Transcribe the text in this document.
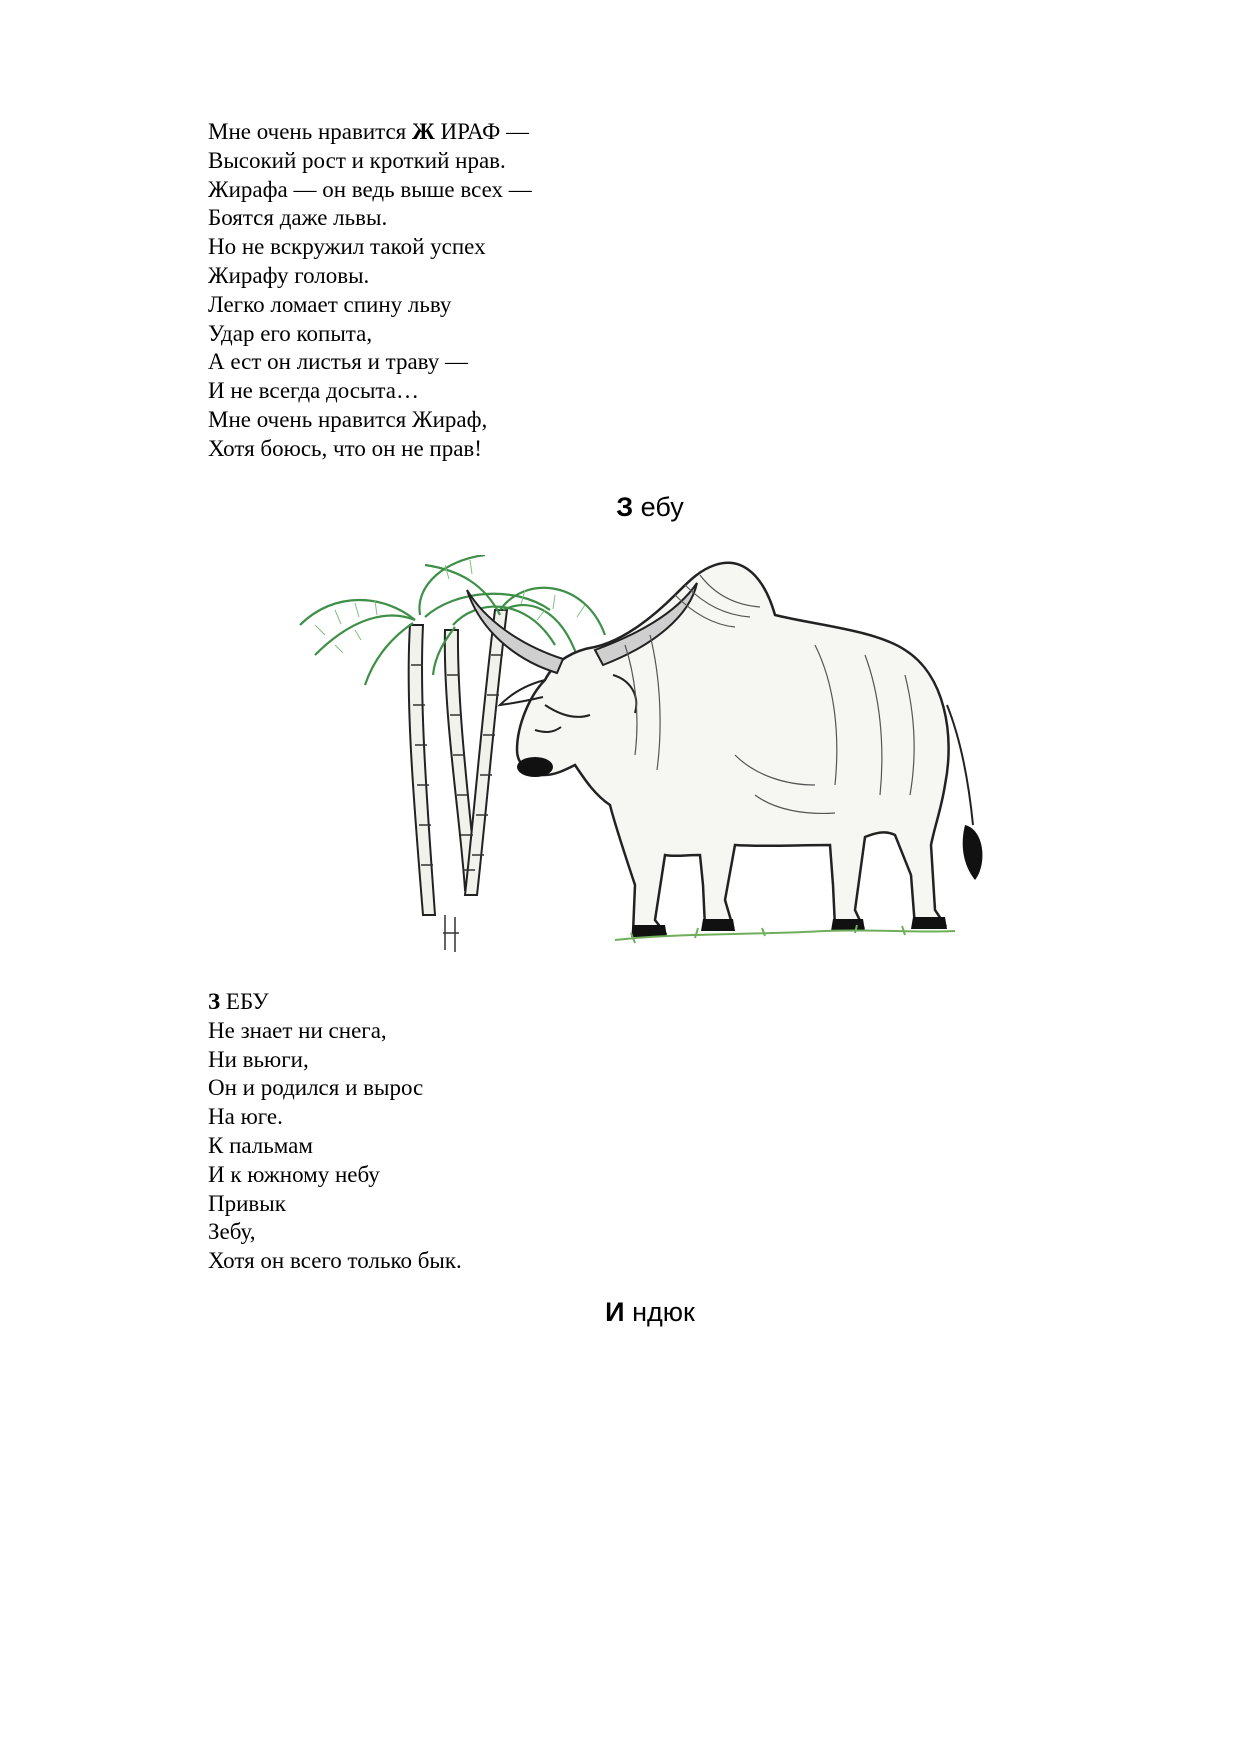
Мне очень нравится Ж ИРАФ —
Высокий рост и кроткий нрав.
Жирафа — он ведь выше всех —
Боятся даже львы.
Но не вскружил такой успех
Жирафу головы.
Легко ломает спину льву
Удар его копыта,
А ест он листья и траву —
И не всегда досыта…
Мне очень нравится Жираф,
Хотя боюсь, что он не прав!
З ебу
З ЕБУ
Не знает ни снега,
Ни вьюги,
Он и родился и вырос
На юге.
К пальмам
И к южному небу
Привык
Зебу,
Хотя он всего только бык.
И ндюк
